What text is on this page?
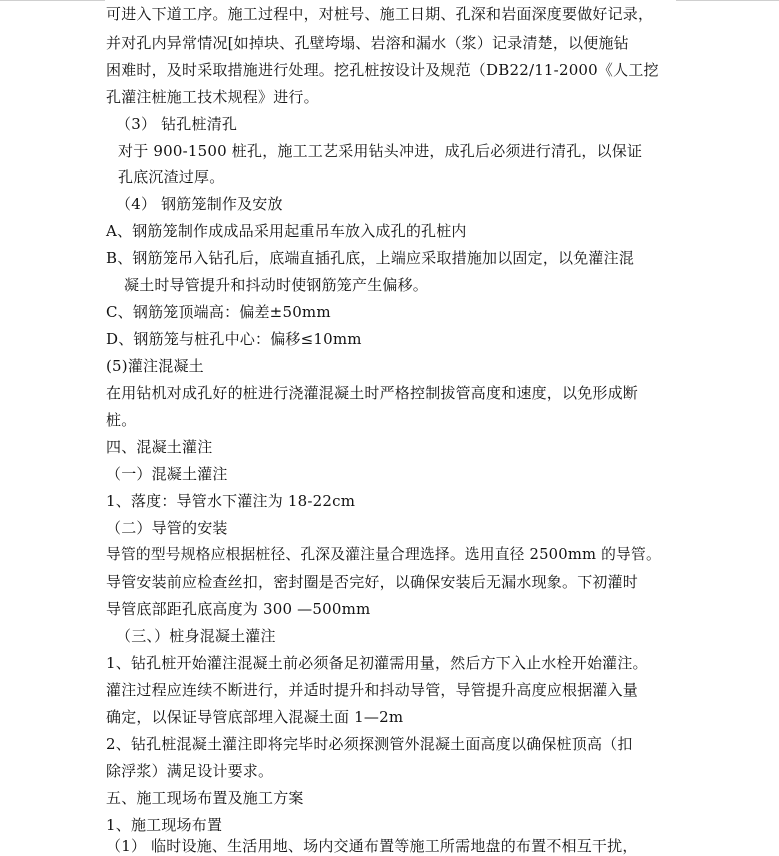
可进入下道工序。施工过程中，对桩号、施工日期、孔深和岩面深度要做好记录，
并对孔内异常情况[如掉块、孔壁垮塌、岩溶和漏水（浆）记录清楚，以便施钻
困难时，及时采取措施进行处理。挖孔桩按设计及规范（DB22/11-2000《人工挖
孔灌注桩施工技术规程》进行。
（3） 钻孔桩清孔
对于 900-1500 桩孔，施工工艺采用钻头冲进，成孔后必须进行清孔，以保证
孔底沉渣过厚。
（4） 钢筋笼制作及安放
A、钢筋笼制作成成品采用起重吊车放入成孔的孔桩内
B、钢筋笼吊入钻孔后，底端直插孔底，上端应采取措施加以固定，以免灌注混
凝土时导管提升和抖动时使钢筋笼产生偏移。
C、钢筋笼顶端高：偏差±50mm
D、钢筋笼与桩孔中心：偏移≤10mm
(5)灌注混凝土
在用钻机对成孔好的桩进行浇灌混凝土时严格控制拔管高度和速度，以免形成断
桩。
四、混凝土灌注
（一）混凝土灌注
1、落度：导管水下灌注为 18-22cm
（二）导管的安装
导管的型号规格应根据桩径、孔深及灌注量合理选择。选用直径 2500mm 的导管。
导管安装前应检查丝扣，密封圈是否完好，以确保安装后无漏水现象。下初灌时
导管底部距孔底高度为 300 —500mm
（三、）桩身混凝土灌注
1、钻孔桩开始灌注混凝土前必须备足初灌需用量，然后方下入止水栓开始灌注。
灌注过程应连续不断进行，并适时提升和抖动导管，导管提升高度应根据灌入量
确定，以保证导管底部埋入混凝土面 1—2m
2、钻孔桩混凝土灌注即将完毕时必须探测管外混凝土面高度以确保桩顶高（扣
除浮浆）满足设计要求。
五、施工现场布置及施工方案
1、施工现场布置
（1） 临时设施、生活用地、场内交通布置等施工所需地盘的布置不相互干扰，
